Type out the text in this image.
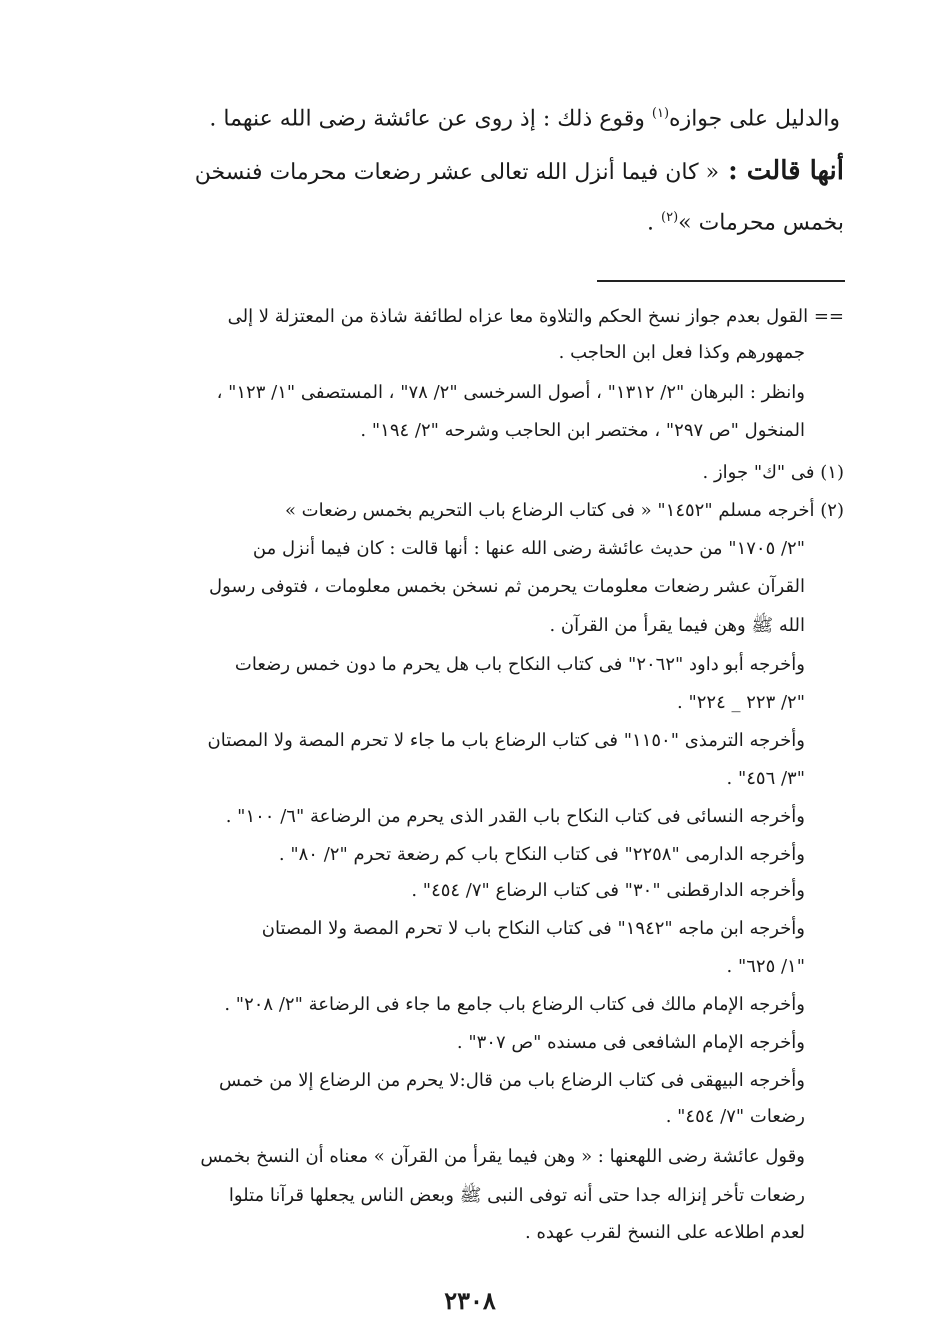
والدليل على جوازه$^{(١)}$ وقوع ذلك : إذ روى عن عائشة رضى الله عنهما .
أنها قالت : « كان فيما أنزل الله تعالى عشر رضعات محرمات فنسخن
بخمس محرمات »$^{(٢)}$ .
== القول بعدم جواز نسخ الحكم والتلاوة معا عزاه لطائفة شاذة من المعتزلة لا إلى
جمهورهم وكذا فعل ابن الحاجب .
وانظر : البرهان "٢/ ١٣١٢" ، أصول السرخسى "٢/ ٧٨" ، المستصفى "١/ ١٢٣" ،
المنخول "ص ٢٩٧" ، مختصر ابن الحاجب وشرحه "٢/ ١٩٤" .
(١) فى "ك" جواز .
(٢) أخرجه مسلم "١٤٥٢" « فى كتاب الرضاع باب التحريم بخمس رضعات »
"٢/ ١٧٠٥" من حديث عائشة رضى الله عنها : أنها قالت : كان فيما أنزل من
القرآن عشر رضعات معلومات يحرمن ثم نسخن بخمس معلومات ، فتوفى رسول
الله ﷺ وهن فيما يقرأ من القرآن .
وأخرجه أبو داود "٢٠٦٢" فى كتاب النكاح باب هل يحرم ما دون خمس رضعات
"٢/ ٢٢٣ _ ٢٢٤" .
وأخرجه الترمذى "١١٥٠" فى كتاب الرضاع باب ما جاء لا تحرم المصة ولا المصتان
"٣/ ٤٥٦" .
وأخرجه النسائى فى كتاب النكاح باب القدر الذى يحرم من الرضاعة "٦/ ١٠٠" .
وأخرجه الدارمى "٢٢٥٨" فى كتاب النكاح باب كم رضعة تحرم "٢/ ٨٠" .
وأخرجه الدارقطنى "٣٠" فى كتاب الرضاع "٧/ ٤٥٤" .
وأخرجه ابن ماجه "١٩٤٢" فى كتاب النكاح باب لا تحرم المصة ولا المصتان
"١/ ٦٢٥" .
وأخرجه الإمام مالك فى كتاب الرضاع باب جامع ما جاء فى الرضاعة "٢/ ٢٠٨" .
وأخرجه الإمام الشافعى فى مسنده "ص ٣٠٧" .
وأخرجه البيهقى فى كتاب الرضاع باب من قال:لا يحرم من الرضاع إلا من خمس
رضعات "٧/ ٤٥٤" .
وقول عائشة رضى اللهعنها : « وهن فيما يقرأ من القرآن » معناه أن النسخ بخمس
رضعات تأخر إنزاله جدا حتى أنه توفى النبى ﷺ وبعض الناس يجعلها قرآنا متلوا
لعدم اطلاعه على النسخ لقرب عهده .
٢٣٠٨
